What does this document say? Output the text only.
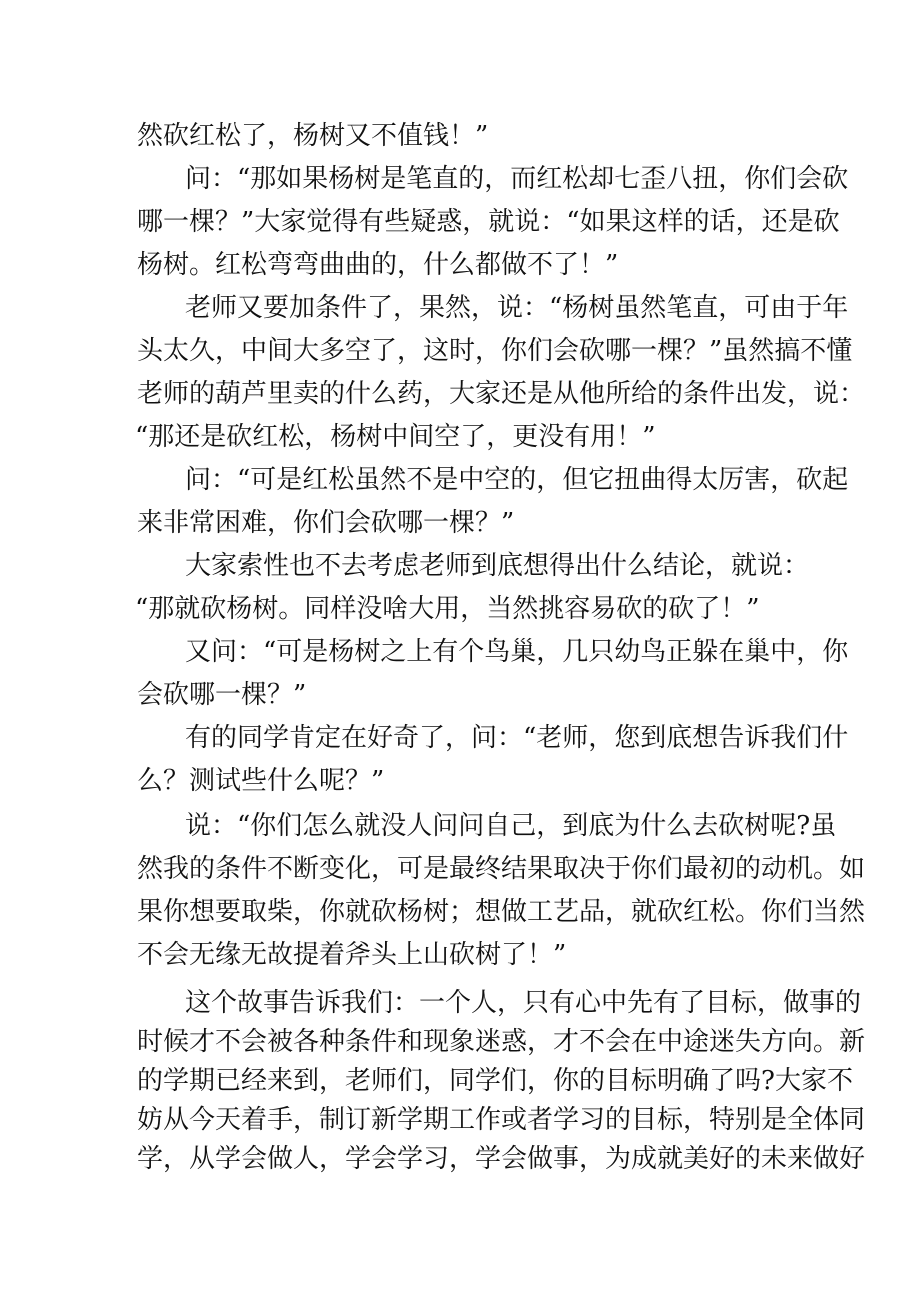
然砍红松了，杨树又不值钱！”
问：“那如果杨树是笔直的，而红松却七歪八扭，你们会砍
哪一棵？”大家觉得有些疑惑，就说：“如果这样的话，还是砍
杨树。红松弯弯曲曲的，什么都做不了！”
老师又要加条件了，果然，说：“杨树虽然笔直，可由于年
头太久，中间大多空了，这时，你们会砍哪一棵？”虽然搞不懂
老师的葫芦里卖的什么药，大家还是从他所给的条件出发，说：
“那还是砍红松，杨树中间空了，更没有用！”
问：“可是红松虽然不是中空的，但它扭曲得太厉害，砍起
来非常困难，你们会砍哪一棵？”
大家索性也不去考虑老师到底想得出什么结论，就说：
“那就砍杨树。同样没啥大用，当然挑容易砍的砍了！”
又问：“可是杨树之上有个鸟巢，几只幼鸟正躲在巢中，你
会砍哪一棵？”
有的同学肯定在好奇了，问：“老师，您到底想告诉我们什
么？测试些什么呢？”
说：“你们怎么就没人问问自己，到底为什么去砍树呢?虽
然我的条件不断变化，可是最终结果取决于你们最初的动机。如
果你想要取柴，你就砍杨树；想做工艺品，就砍红松。你们当然
不会无缘无故提着斧头上山砍树了！”
这个故事告诉我们：一个人，只有心中先有了目标，做事的
时候才不会被各种条件和现象迷惑，才不会在中途迷失方向。新
的学期已经来到，老师们，同学们，你的目标明确了吗?大家不
妨从今天着手，制订新学期工作或者学习的目标，特别是全体同
学，从学会做人，学会学习，学会做事，为成就美好的未来做好
